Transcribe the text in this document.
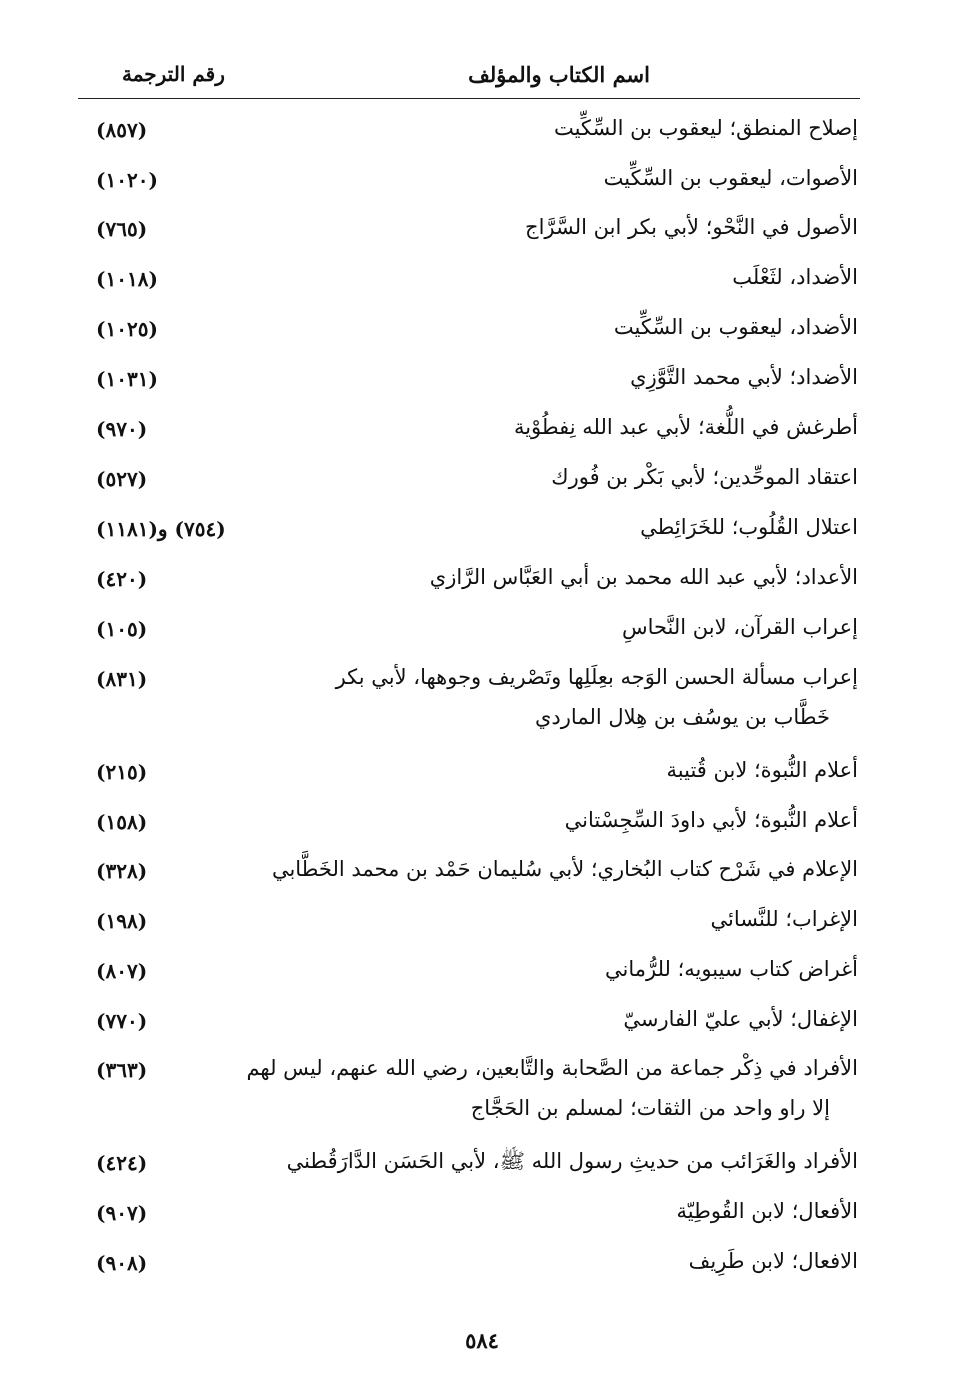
اسم الكتاب والمؤلف
رقم الترجمة
إصلاح المنطق؛ ليعقوب بن السِّكِّيت
(٨٥٧)
الأصوات، ليعقوب بن السِّكِّيت
(١٠٢٠)
الأصول في النَّحْو؛ لأبي بكر ابن السَّرَّاج
(٧٦٥)
الأضداد، لثَعْلَب
(١٠١٨)
الأضداد، ليعقوب بن السِّكِّيت
(١٠٢٥)
الأضداد؛ لأبي محمد التَّوَّزِي
(١٠٣١)
أطرغش في اللُّغة؛ لأبي عبد الله نِفطُوْية
(٩٧٠)
اعتقاد الموحِّدين؛ لأبي بَكْر بن فُورك
(٥٢٧)
اعتلال القُلُوب؛ للخَرَائِطي
(٧٥٤) و(١١٨١)
الأعداد؛ لأبي عبد الله محمد بن أبي العَبَّاس الرَّازي
(٤٢٠)
إعراب القرآن، لابن النَّحاسِ
(١٠٥)
إعراب مسألة الحسن الوَجه بعِلَلِها وتَصْريف وجوهها، لأبي بكر
خَطَّاب بن يوسُف بن هِلال الماردي
(٨٣١)
أعلام النُّبوة؛ لابن قُتيبة
(٢١٥)
أعلام النُّبوة؛ لأبي داودَ السِّجِسْتاني
(١٥٨)
الإعلام في شَرْح كتاب البُخاري؛ لأبي سُليمان حَمْد بن محمد الخَطَّابي
(٣٢٨)
الإغراب؛ للنَّسائي
(١٩٨)
أغراض كتاب سيبويه؛ للرُّماني
(٨٠٧)
الإغفال؛ لأبي عليّ الفارسيّ
(٧٧٠)
الأفراد في ذِكْر جماعة من الصَّحابة والتَّابعين، رضي الله عنهم، ليس لهم
إلا راو واحد من الثقات؛ لمسلم بن الحَجَّاج
(٣٦٣)
الأفراد والغَرَائب من حديثِ رسول الله ﷺ، لأبي الحَسَن الدَّارَقُطني
(٤٢٤)
الأفعال؛ لابن القُوطِيّة
(٩٠٧)
الافعال؛ لابن طَرِيف
(٩٠٨)
٥٨٤
